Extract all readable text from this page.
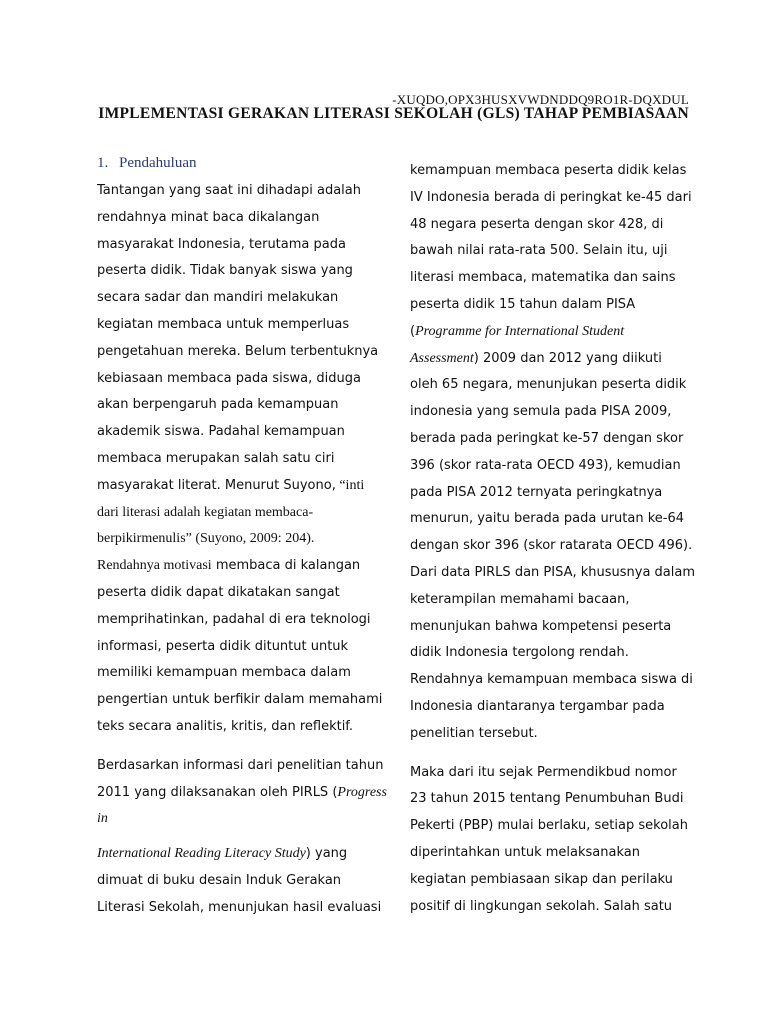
-XUQDO,OPX3HUSXVWDNDDQ9RO1R-DQXDUL
IMPLEMENTASI GERAKAN LITERASI SEKOLAH (GLS) TAHAP PEMBIASAAN
1. Pendahuluan
Tantangan yang saat ini dihadapi adalah
rendahnya minat baca dikalangan
masyarakat Indonesia, terutama pada
peserta didik. Tidak banyak siswa yang
secara sadar dan mandiri melakukan
kegiatan membaca untuk memperluas
pengetahuan mereka. Belum terbentuknya
kebiasaan membaca pada siswa, diduga
akan berpengaruh pada kemampuan
akademik siswa. Padahal kemampuan
membaca merupakan salah satu ciri
masyarakat literat. Menurut Suyono, “inti
dari literasi adalah kegiatan membaca-
berpikirmenulis” (Suyono, 2009: 204).
Rendahnya motivasi membaca di kalangan
peserta didik dapat dikatakan sangat
memprihatinkan, padahal di era teknologi
informasi, peserta didik dituntut untuk
memiliki kemampuan membaca dalam
pengertian untuk berfikir dalam memahami
teks secara analitis, kritis, dan reflektif.
Berdasarkan informasi dari penelitian tahun
2011 yang dilaksanakan oleh PIRLS (Progress
in
International Reading Literacy Study) yang
dimuat di buku desain Induk Gerakan
Literasi Sekolah, menunjukan hasil evaluasi
kemampuan membaca peserta didik kelas
IV Indonesia berada di peringkat ke-45 dari
48 negara peserta dengan skor 428, di
bawah nilai rata-rata 500. Selain itu, uji
literasi membaca, matematika dan sains
peserta didik 15 tahun dalam PISA
(Programme for International Student
Assessment) 2009 dan 2012 yang diikuti
oleh 65 negara, menunjukan peserta didik
indonesia yang semula pada PISA 2009,
berada pada peringkat ke-57 dengan skor
396 (skor rata-rata OECD 493), kemudian
pada PISA 2012 ternyata peringkatnya
menurun, yaitu berada pada urutan ke-64
dengan skor 396 (skor ratarata OECD 496).
Dari data PIRLS dan PISA, khususnya dalam
keterampilan memahami bacaan,
menunjukan bahwa kompetensi peserta
didik Indonesia tergolong rendah.
Rendahnya kemampuan membaca siswa di
Indonesia diantaranya tergambar pada
penelitian tersebut.
Maka dari itu sejak Permendikbud nomor
23 tahun 2015 tentang Penumbuhan Budi
Pekerti (PBP) mulai berlaku, setiap sekolah
diperintahkan untuk melaksanakan
kegiatan pembiasaan sikap dan perilaku
positif di lingkungan sekolah. Salah satu
